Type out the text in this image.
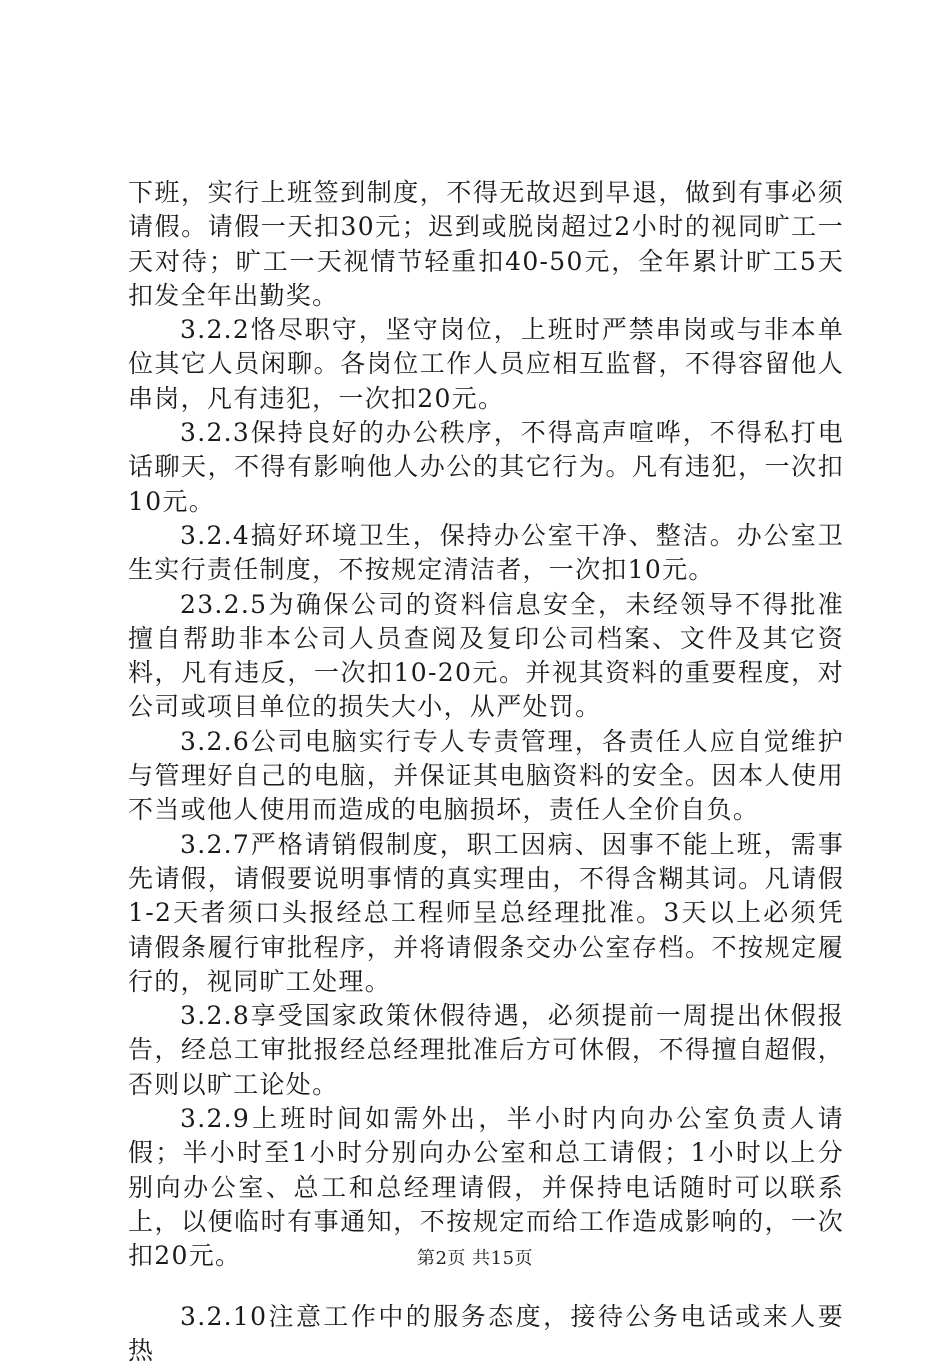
下班，实行上班签到制度，不得无故迟到早退，做到有事必须请假。请假一天扣30元；迟到或脱岗超过2小时的视同旷工一天对待；旷工一天视情节轻重扣40-50元，全年累计旷工5天扣发全年出勤奖。

3.2.2恪尽职守，坚守岗位，上班时严禁串岗或与非本单位其它人员闲聊。各岗位工作人员应相互监督，不得容留他人串岗，凡有违犯，一次扣20元。

3.2.3保持良好的办公秩序，不得高声喧哗，不得私打电话聊天，不得有影响他人办公的其它行为。凡有违犯，一次扣10元。

3.2.4搞好环境卫生，保持办公室干净、整洁。办公室卫生实行责任制度，不按规定清洁者，一次扣10元。

23.2.5为确保公司的资料信息安全，未经领导不得批准擅自帮助非本公司人员查阅及复印公司档案、文件及其它资料，凡有违反，一次扣10-20元。并视其资料的重要程度，对公司或项目单位的损失大小，从严处罚。

3.2.6公司电脑实行专人专责管理，各责任人应自觉维护与管理好自己的电脑，并保证其电脑资料的安全。因本人使用不当或他人使用而造成的电脑损坏，责任人全价自负。

3.2.7严格请销假制度，职工因病、因事不能上班，需事先请假，请假要说明事情的真实理由，不得含糊其词。凡请假1-2天者须口头报经总工程师呈总经理批准。3天以上必须凭请假条履行审批程序，并将请假条交办公室存档。不按规定履行的，视同旷工处理。

3.2.8享受国家政策休假待遇，必须提前一周提出休假报告，经总工审批报经总经理批准后方可休假，不得擅自超假，否则以旷工论处。

3.2.9上班时间如需外出，半小时内向办公室负责人请假；半小时至1小时分别向办公室和总工请假；1小时以上分别向办公室、总工和总经理请假，并保持电话随时可以联系上，以便临时有事通知，不按规定而给工作造成影响的，一次扣20元。

3.2.10注意工作中的服务态度，接待公务电话或来人要热

第2页 共15页
